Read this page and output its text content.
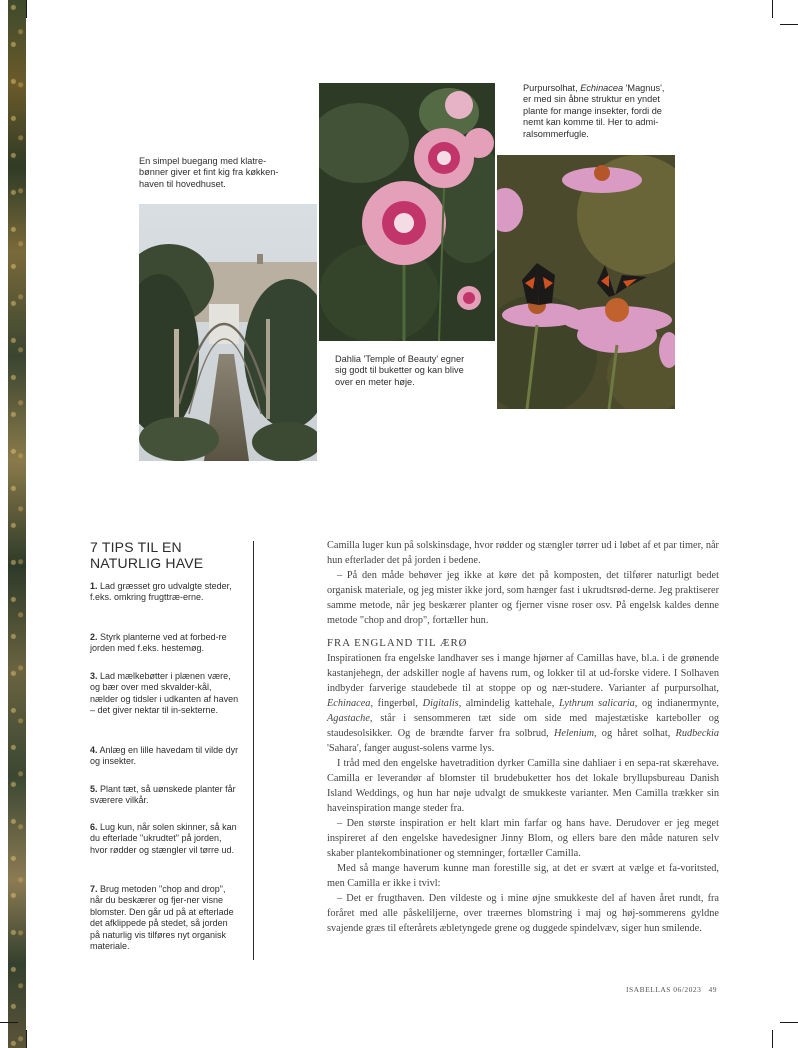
En simpel buegang med klatre-
bønner giver et fint kig fra køkken-
haven til hovedhuset.
Dahlia 'Temple of Beauty' egner
sig godt til buketter og kan blive
over en meter høje.
Purpursolhat, Echinacea 'Magnus',
er med sin åbne struktur en yndet
plante for mange insekter, fordi de
nemt kan komme til. Her to admi-
ralsommerfugle.
7 TIPS TIL EN NATURLIG HAVE
1. Lad græsset gro udvalgte steder, f.eks. omkring frugttræ-erne.
2. Styrk planterne ved at forbed-re jorden med f.eks. hestemøg.
3. Lad mælkebøtter i plænen være, og bær over med skvalder-kål, nælder og tidsler i udkanten af haven – det giver nektar til in-sekterne.
4. Anlæg en lille havedam til vilde dyr og insekter.
5. Plant tæt, så uønskede planter får sværere vilkår.
6. Lug kun, når solen skinner, så kan du efterlade "ukrudtet" på jorden, hvor rødder og stængler vil tørre ud.
7. Brug metoden "chop and drop", når du beskærer og fjer-ner visne blomster. Den går ud på at efterlade det afklippede på stedet, så jorden på naturlig vis tilføres nyt organisk materiale.

Camilla luger kun på solskinsdage, hvor rødder og stængler tørrer ud i løbet af et par timer, når hun efterlader det på jorden i bedene.

– På den måde behøver jeg ikke at køre det på komposten, det tilfører naturligt bedet organisk materiale, og jeg mister ikke jord, som hænger fast i ukrudtsrød-derne. Jeg praktiserer samme metode, når jeg beskærer planter og fjerner visne roser osv. På engelsk kaldes denne metode "chop and drop", fortæller hun.

FRA ENGLAND TIL ÆRØ

Inspirationen fra engelske landhaver ses i mange hjørner af Camillas have, bl.a. i de grønende kastanjehegn, der adskiller nogle af havens rum, og lokker til at ud-forske videre. I Solhaven indbyder farverige staudebede til at stoppe op og nær-studere. Varianter af purpursolhat, Echinacea, fingerbøl, Digitalis, almindelig kattehale, Lythrum salicaria, og indianermynte, Agastache, står i sensommeren tæt side om side med majestætiske karteboller og staudesolsikker. Og de brændte farver fra solbrud, Helenium, og håret solhat, Rudbeckia 'Sahara', fanger august-solens varme lys.

I tråd med den engelske havetradition dyrker Camilla sine dahliaer i en sepa-rat skærehave. Camilla er leverandør af blomster til brudebuketter hos det lokale bryllupsbureau Danish Island Weddings, og hun har nøje udvalgt de smukkeste varianter. Men Camilla trækker sin haveinspiration mange steder fra.

– Den største inspiration er helt klart min farfar og hans have. Derudover er jeg meget inspireret af den engelske havedesigner Jinny Blom, og ellers bare den måde naturen selv skaber plantekombinationer og stemninger, fortæller Camilla.

Med så mange haverum kunne man forestille sig, at det er svært at vælge et fa-voritsted, men Camilla er ikke i tvivl:

– Det er frugthaven. Den vildeste og i mine øjne smukkeste del af haven året rundt, fra foråret med alle påskeliljerne, over træernes blomstring i maj og høj-sommerens gyldne svajende græs til efterårets æbletyngede grene og duggede spindelvæv, siger hun smilende.

ISABELLAS 06/2023 49
